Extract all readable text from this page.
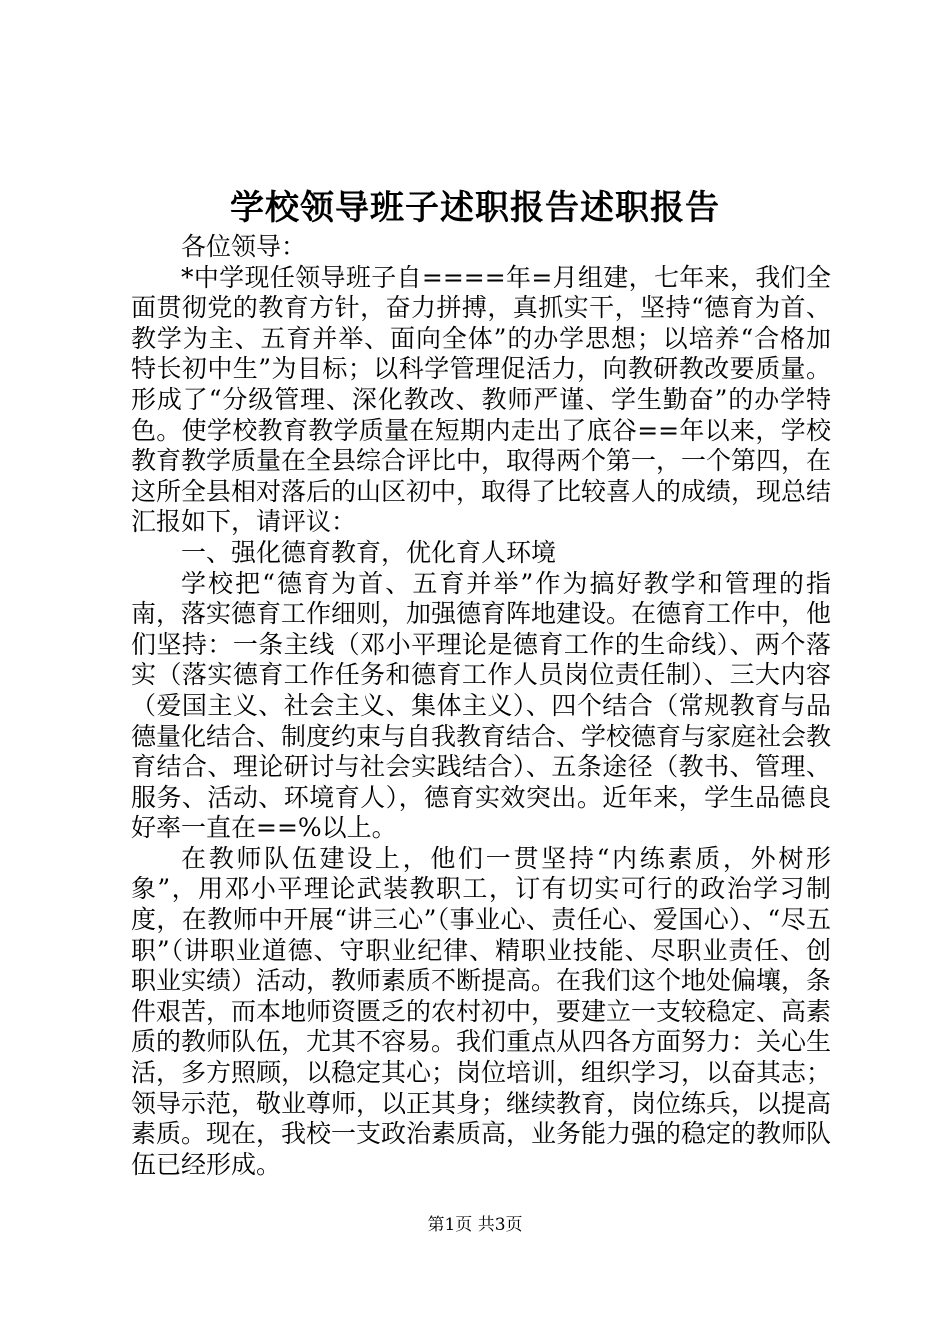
学校领导班子述职报告述职报告

各位领导：

*中学现任领导班子自====年=月组建，七年来，我们全面贯彻党的教育方针，奋力拼搏，真抓实干，坚持“德育为首、教学为主、五育并举、面向全体”的办学思想；以培养“合格加特长初中生”为目标；以科学管理促活力，向教研教改要质量。形成了“分级管理、深化教改、教师严谨、学生勤奋”的办学特色。使学校教育教学质量在短期内走出了底谷==年以来，学校教育教学质量在全县综合评比中，取得两个第一，一个第四，在这所全县相对落后的山区初中，取得了比较喜人的成绩，现总结汇报如下，请评议：

一、强化德育教育，优化育人环境

学校把“德育为首、五育并举”作为搞好教学和管理的指南，落实德育工作细则，加强德育阵地建设。在德育工作中，他们坚持：一条主线（邓小平理论是德育工作的生命线）、两个落实（落实德育工作任务和德育工作人员岗位责任制）、三大内容（爱国主义、社会主义、集体主义）、四个结合（常规教育与品德量化结合、制度约束与自我教育结合、学校德育与家庭社会教育结合、理论研讨与社会实践结合）、五条途径（教书、管理、服务、活动、环境育人），德育实效突出。近年来，学生品德良好率一直在==%以上。

在教师队伍建设上，他们一贯坚持“内练素质，外树形象”，用邓小平理论武装教职工，订有切实可行的政治学习制度，在教师中开展“讲三心”（事业心、责任心、爱国心）、“尽五职”（讲职业道德、守职业纪律、精职业技能、尽职业责任、创职业实绩）活动，教师素质不断提高。在我们这个地处偏壤，条件艰苦，而本地师资匮乏的农村初中，要建立一支较稳定、高素质的教师队伍，尤其不容易。我们重点从四各方面努力：关心生活，多方照顾，以稳定其心；岗位培训，组织学习，以奋其志；领导示范，敬业尊师，以正其身；继续教育，岗位练兵，以提高素质。现在，我校一支政治素质高，业务能力强的稳定的教师队伍已经形成。

第1页 共3页
